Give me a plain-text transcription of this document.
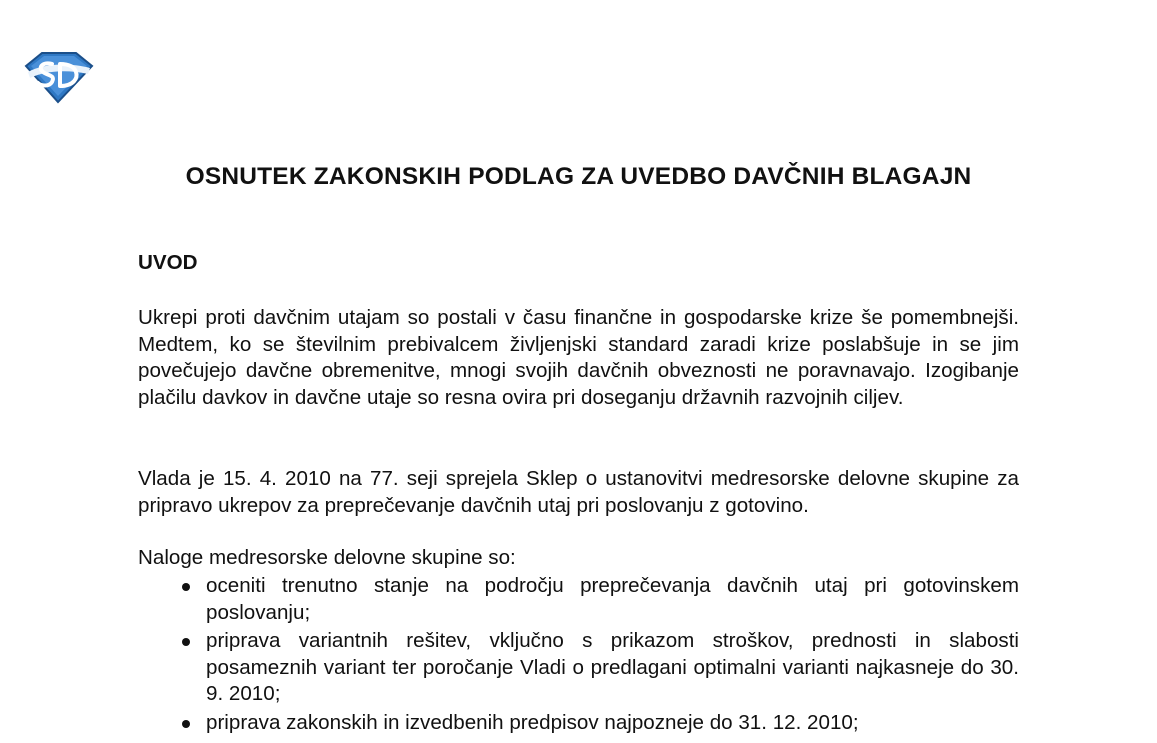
OSNUTEK ZAKONSKIH PODLAG ZA UVEDBO DAVČNIH BLAGAJN
UVOD

Ukrepi proti davčnim utajam so postali v času finančne in gospodarske krize še pomembnejši. Medtem, ko se številnim prebivalcem življenjski standard zaradi krize poslabšuje in se jim povečujejo davčne obremenitve, mnogi svojih davčnih obveznosti ne poravnavajo. Izogibanje plačilu davkov in davčne utaje so resna ovira pri doseganju državnih razvojnih ciljev.

Vlada je 15. 4. 2010 na 77. seji sprejela Sklep o ustanovitvi medresorske delovne skupine za pripravo ukrepov za preprečevanje davčnih utaj pri poslovanju z gotovino.

Naloge medresorske delovne skupine so:

oceniti trenutno stanje na področju preprečevanja davčnih utaj pri gotovinskem poslovanju;
priprava variantnih rešitev, vključno s prikazom stroškov, prednosti in slabosti posameznih variant ter poročanje Vladi o predlagani optimalni varianti najkasneje do 30. 9. 2010;
priprava zakonskih in izvedbenih predpisov najpozneje do 31. 12. 2010;
